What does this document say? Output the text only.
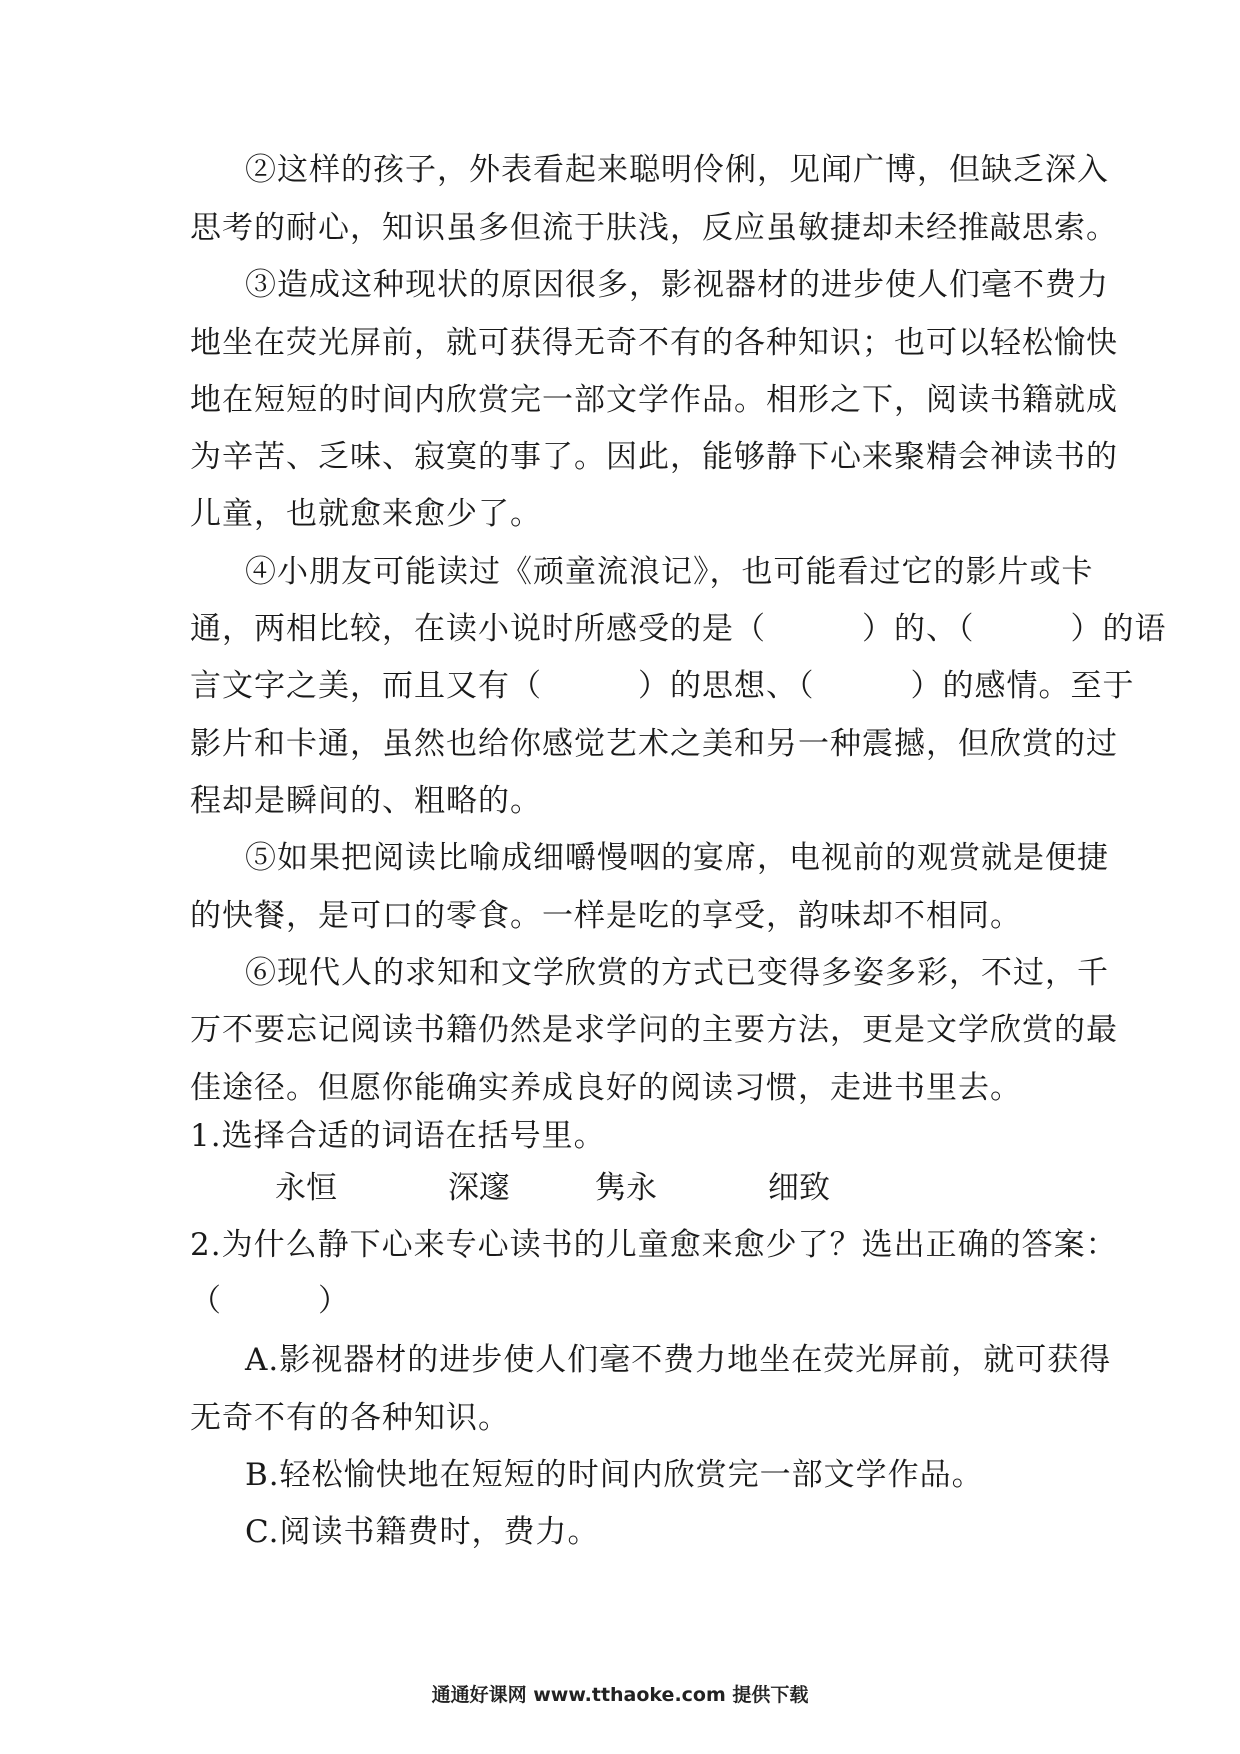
②这样的孩子，外表看起来聪明伶俐，见闻广博，但缺乏深入
思考的耐心，知识虽多但流于肤浅，反应虽敏捷却未经推敲思索。
③造成这种现状的原因很多，影视器材的进步使人们毫不费力
地坐在荧光屏前，就可获得无奇不有的各种知识；也可以轻松愉快
地在短短的时间内欣赏完一部文学作品。相形之下，阅读书籍就成
为辛苦、乏味、寂寞的事了。因此，能够静下心来聚精会神读书的
儿童，也就愈来愈少了。
④小朋友可能读过《顽童流浪记》，也可能看过它的影片或卡
通，两相比较，在读小说时所感受的是（　　　）的、（　　　）的语
言文字之美，而且又有（　　　）的思想、（　　　）的感情。至于
影片和卡通，虽然也给你感觉艺术之美和另一种震撼，但欣赏的过
程却是瞬间的、粗略的。
⑤如果把阅读比喻成细嚼慢咽的宴席，电视前的观赏就是便捷
的快餐，是可口的零食。一样是吃的享受，韵味却不相同。
⑥现代人的求知和文学欣赏的方式已变得多姿多彩，不过，千
万不要忘记阅读书籍仍然是求学问的主要方法，更是文学欣赏的最
佳途径。但愿你能确实养成良好的阅读习惯，走进书里去。
1.选择合适的词语在括号里。
永恒	深邃	隽永	细致
2.为什么静下心来专心读书的儿童愈来愈少了？选出正确的答案：
（　　　）
A.影视器材的进步使人们毫不费力地坐在荧光屏前，就可获得
无奇不有的各种知识。
B.轻松愉快地在短短的时间内欣赏完一部文学作品。
C.阅读书籍费时，费力。
通通好课网 www.tthaoke.com 提供下载
